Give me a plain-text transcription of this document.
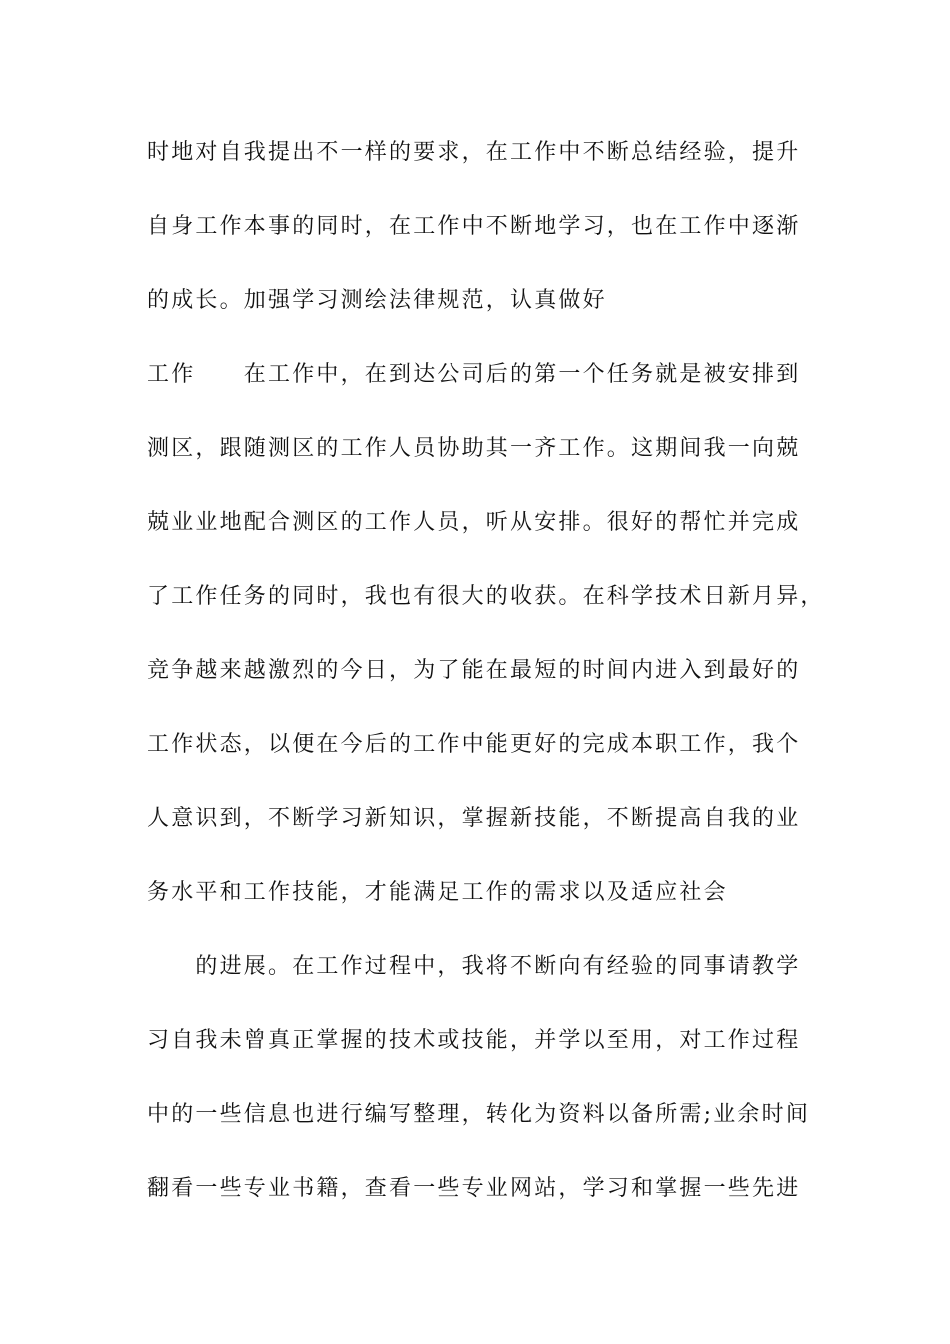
时地对自我提出不一样的要求，在工作中不断总结经验，提升

自身工作本事的同时，在工作中不断地学习，也在工作中逐渐

的成长。加强学习测绘法律规范，认真做好

工作　　在工作中，在到达公司后的第一个任务就是被安排到

测区，跟随测区的工作人员协助其一齐工作。这期间我一向兢

兢业业地配合测区的工作人员，听从安排。很好的帮忙并完成

了工作任务的同时，我也有很大的收获。在科学技术日新月异，

竞争越来越激烈的今日，为了能在最短的时间内进入到最好的

工作状态，以便在今后的工作中能更好的完成本职工作，我个

人意识到，不断学习新知识，掌握新技能，不断提高自我的业

务水平和工作技能，才能满足工作的需求以及适应社会

　　的进展。在工作过程中，我将不断向有经验的同事请教学

习自我未曾真正掌握的技术或技能，并学以至用，对工作过程

中的一些信息也进行编写整理，转化为资料以备所需;业余时间

翻看一些专业书籍，查看一些专业网站，学习和掌握一些先进
